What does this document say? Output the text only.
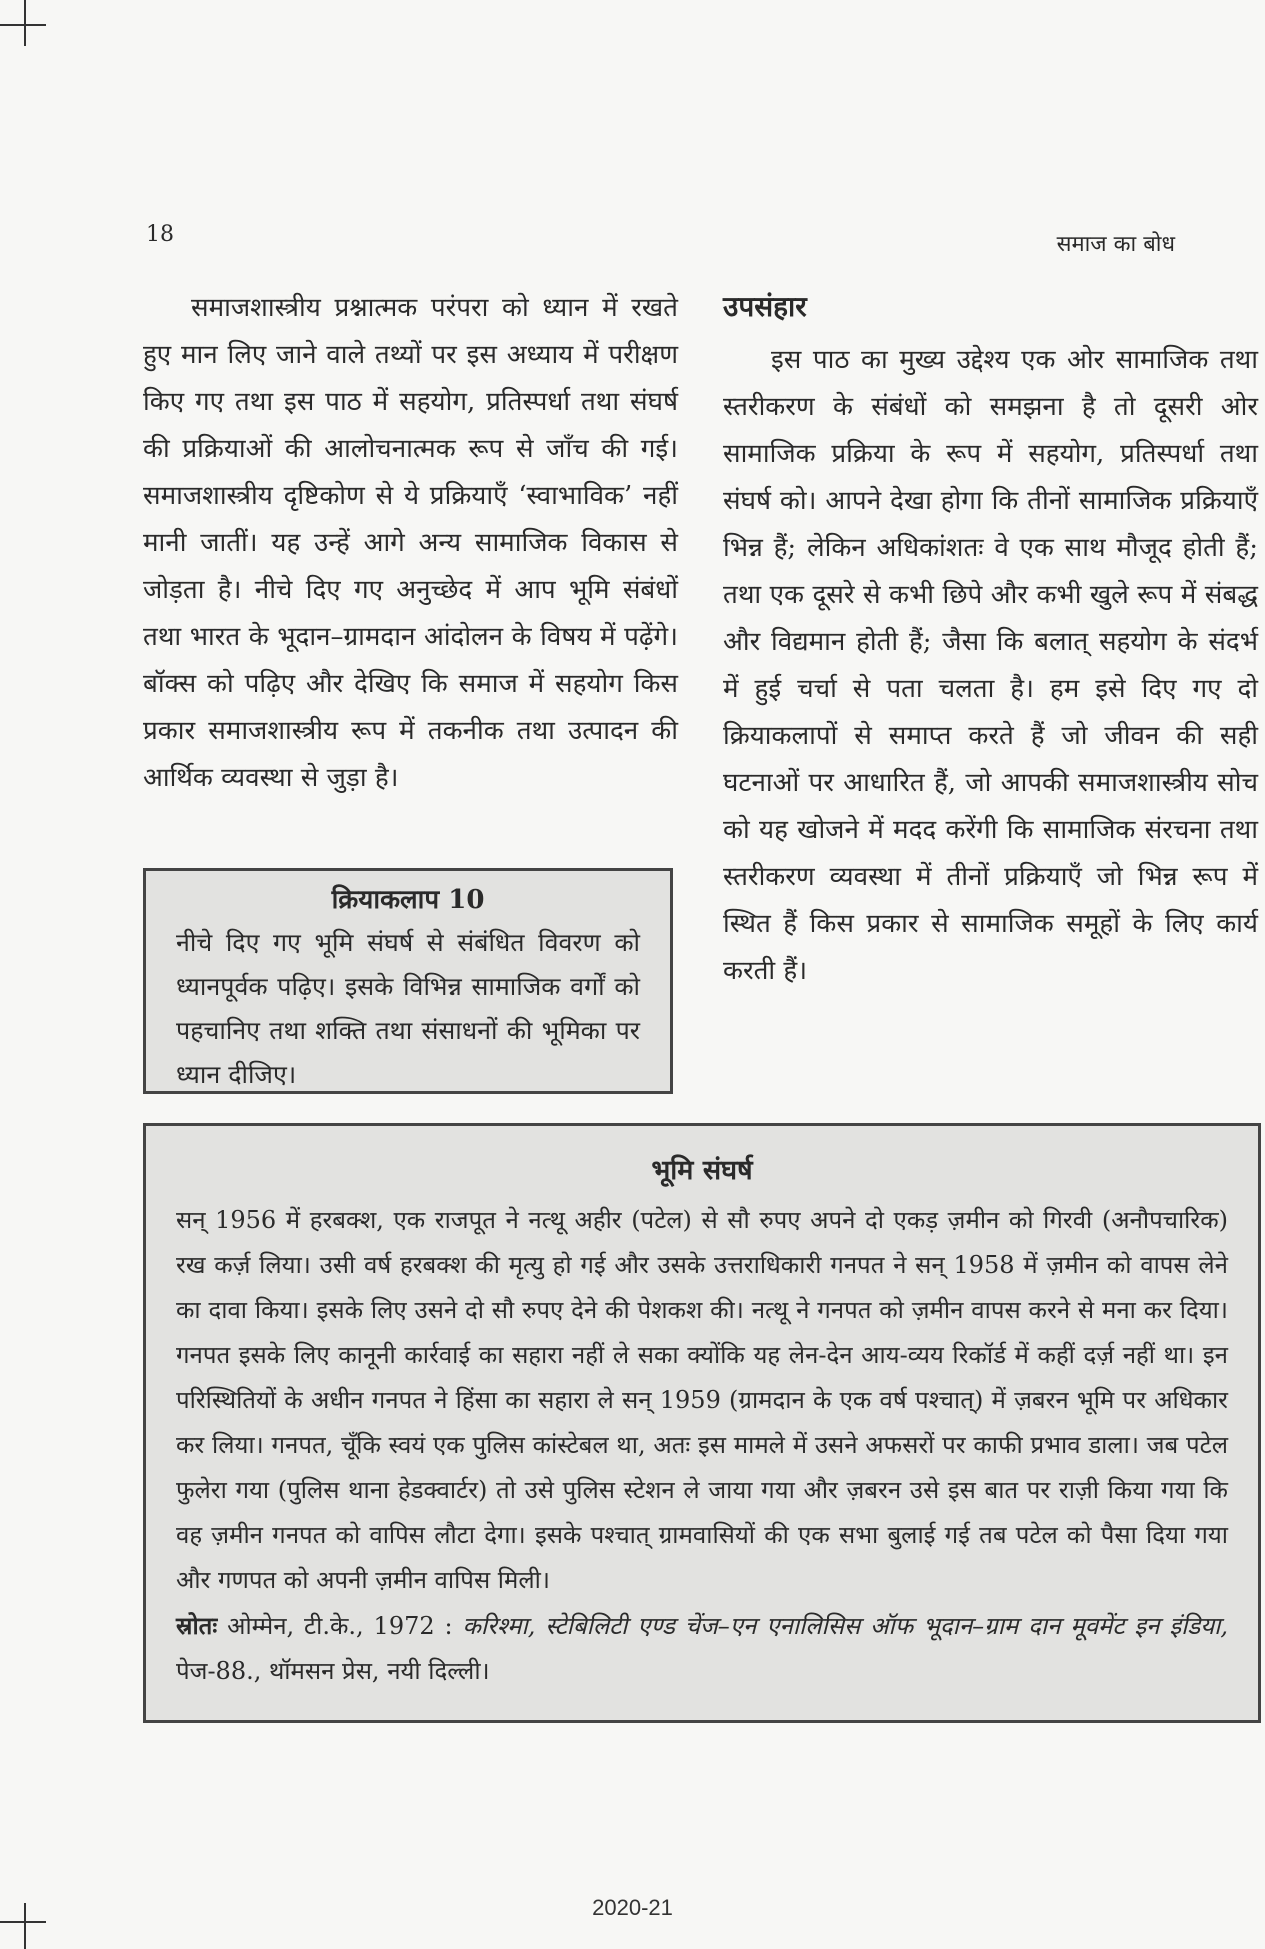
18	समाज का बोध

समाजशास्त्रीय प्रश्नात्मक परंपरा को ध्यान में रखते हुए मान लिए जाने वाले तथ्यों पर इस अध्याय में परीक्षण किए गए तथा इस पाठ में सहयोग, प्रतिस्पर्धा तथा संघर्ष की प्रक्रियाओं की आलोचनात्मक रूप से जाँच की गई। समाजशास्त्रीय दृष्टिकोण से ये प्रक्रियाएँ ‘स्वाभाविक’ नहीं मानी जातीं। यह उन्हें आगे अन्य सामाजिक विकास से जोड़ता है। नीचे दिए गए अनुच्छेद में आप भूमि संबंधों तथा भारत के भूदान–ग्रामदान आंदोलन के विषय में पढ़ेंगे। बॉक्स को पढ़िए और देखिए कि समाज में सहयोग किस प्रकार समाजशास्त्रीय रूप में तकनीक तथा उत्पादन की आर्थिक व्यवस्था से जुड़ा है।

क्रियाकलाप 10
नीचे दिए गए भूमि संघर्ष से संबंधित विवरण को ध्यानपूर्वक पढ़िए। इसके विभिन्न सामाजिक वर्गों को पहचानिए तथा शक्ति तथा संसाधनों की भूमिका पर ध्यान दीजिए।
उपसंहार

इस पाठ का मुख्य उद्देश्य एक ओर सामाजिक तथा स्तरीकरण के संबंधों को समझना है तो दूसरी ओर सामाजिक प्रक्रिया के रूप में सहयोग, प्रतिस्पर्धा तथा संघर्ष को। आपने देखा होगा कि तीनों सामाजिक प्रक्रियाएँ भिन्न हैं; लेकिन अधिकांशतः वे एक साथ मौजूद होती हैं; तथा एक दूसरे से कभी छिपे और कभी खुले रूप में संबद्ध और विद्यमान होती हैं; जैसा कि बलात् सहयोग के संदर्भ में हुई चर्चा से पता चलता है। हम इसे दिए गए दो क्रियाकलापों से समाप्त करते हैं जो जीवन की सही घटनाओं पर आधारित हैं, जो आपकी समाजशास्त्रीय सोच को यह खोजने में मदद करेंगी कि सामाजिक संरचना तथा स्तरीकरण व्यवस्था में तीनों प्रक्रियाएँ जो भिन्न रूप में स्थित हैं किस प्रकार से सामाजिक समूहों के लिए कार्य करती हैं।

भूमि संघर्ष

सन् 1956 में हरबक्श, एक राजपूत ने नत्थू अहीर (पटेल) से सौ रुपए अपने दो एकड़ ज़मीन को गिरवी (अनौपचारिक) रख कर्ज़ लिया। उसी वर्ष हरबक्श की मृत्यु हो गई और उसके उत्तराधिकारी गनपत ने सन् 1958 में ज़मीन को वापस लेने का दावा किया। इसके लिए उसने दो सौ रुपए देने की पेशकश की। नत्थू ने गनपत को ज़मीन वापस करने से मना कर दिया। गनपत इसके लिए कानूनी कार्रवाई का सहारा नहीं ले सका क्योंकि यह लेन-देन आय-व्यय रिकॉर्ड में कहीं दर्ज़ नहीं था। इन परिस्थितियों के अधीन गनपत ने हिंसा का सहारा ले सन् 1959 (ग्रामदान के एक वर्ष पश्चात्) में ज़बरन भूमि पर अधिकार कर लिया। गनपत, चूँकि स्वयं एक पुलिस कांस्टेबल था, अतः इस मामले में उसने अफसरों पर काफी प्रभाव डाला। जब पटेल फुलेरा गया (पुलिस थाना हेडक्वार्टर) तो उसे पुलिस स्टेशन ले जाया गया और ज़बरन उसे इस बात पर राज़ी किया गया कि वह ज़मीन गनपत को वापिस लौटा देगा। इसके पश्चात् ग्रामवासियों की एक सभा बुलाई गई तब पटेल को पैसा दिया गया और गणपत को अपनी ज़मीन वापिस मिली।

स्रोतः ओम्मेन, टी.के., 1972 : करिश्मा, स्टेबिलिटी एण्ड चेंज–एन एनालिसिस ऑफ भूदान–ग्राम दान मूवमेंट इन इंडिया, पेज-88., थॉमसन प्रेस, नयी दिल्ली।

2020-21
